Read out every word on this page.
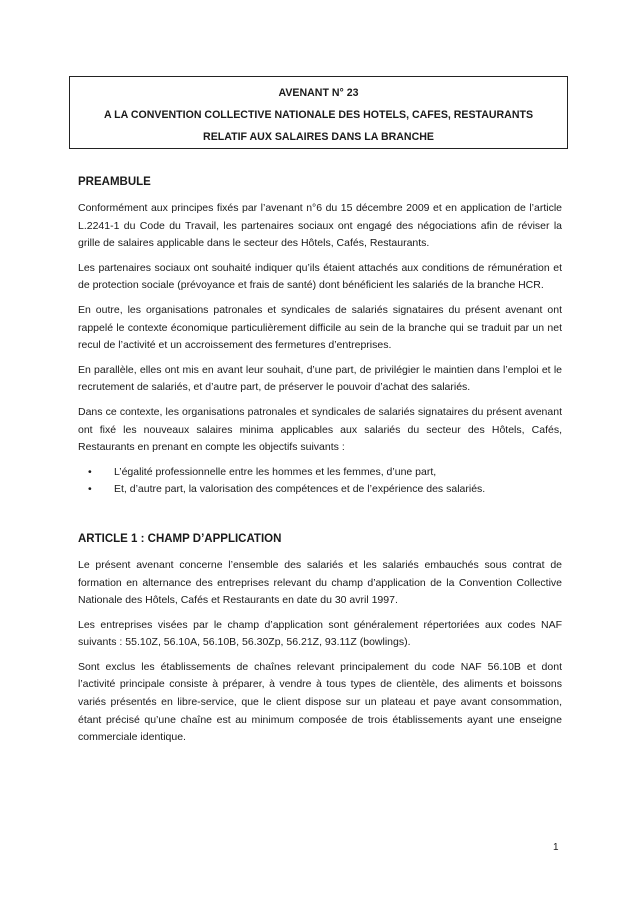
AVENANT N° 23
A LA CONVENTION COLLECTIVE NATIONALE DES HOTELS, CAFES, RESTAURANTS
RELATIF AUX SALAIRES DANS LA BRANCHE
PREAMBULE

Conformément aux principes fixés par l’avenant n°6 du 15 décembre 2009 et en application de l’article L.2241-1 du Code du Travail, les partenaires sociaux ont engagé des négociations afin de réviser la grille de salaires applicable dans le secteur des Hôtels, Cafés, Restaurants.

Les partenaires sociaux ont souhaité indiquer qu’ils étaient attachés aux conditions de rémunération et de protection sociale (prévoyance et frais de santé) dont bénéficient les salariés de la branche HCR.

En outre, les organisations patronales et syndicales de salariés signataires du présent avenant ont rappelé le contexte économique particulièrement difficile au sein de la branche qui se traduit par un net recul de l’activité et un accroissement des fermetures d’entreprises.

En parallèle, elles ont mis en avant leur souhait, d’une part, de privilégier le maintien dans l’emploi et le recrutement de salariés, et d’autre part, de préserver le pouvoir d’achat des salariés.

Dans ce contexte, les organisations patronales et syndicales de salariés signataires du présent avenant ont fixé les nouveaux salaires minima applicables aux salariés du secteur des Hôtels, Cafés, Restaurants en prenant en compte les objectifs suivants :

• L’égalité professionnelle entre les hommes et les femmes, d’une part,
• Et, d’autre part, la valorisation des compétences et de l’expérience des salariés.
ARTICLE 1 : CHAMP D’APPLICATION

Le présent avenant concerne l’ensemble des salariés et les salariés embauchés sous contrat de formation en alternance des entreprises relevant du champ d’application de la Convention Collective Nationale des Hôtels, Cafés et Restaurants en date du 30 avril 1997.

Les entreprises visées par le champ d’application sont généralement répertoriées aux codes NAF suivants : 55.10Z, 56.10A, 56.10B, 56.30Zp, 56.21Z, 93.11Z (bowlings).

Sont exclus les établissements de chaînes relevant principalement du code NAF 56.10B et dont l’activité principale consiste à préparer, à vendre à tous types de clientèle, des aliments et boissons variés présentés en libre-service, que le client dispose sur un plateau et paye avant consommation, étant précisé qu’une chaîne est au minimum composée de trois établissements ayant une enseigne commerciale identique.

1
